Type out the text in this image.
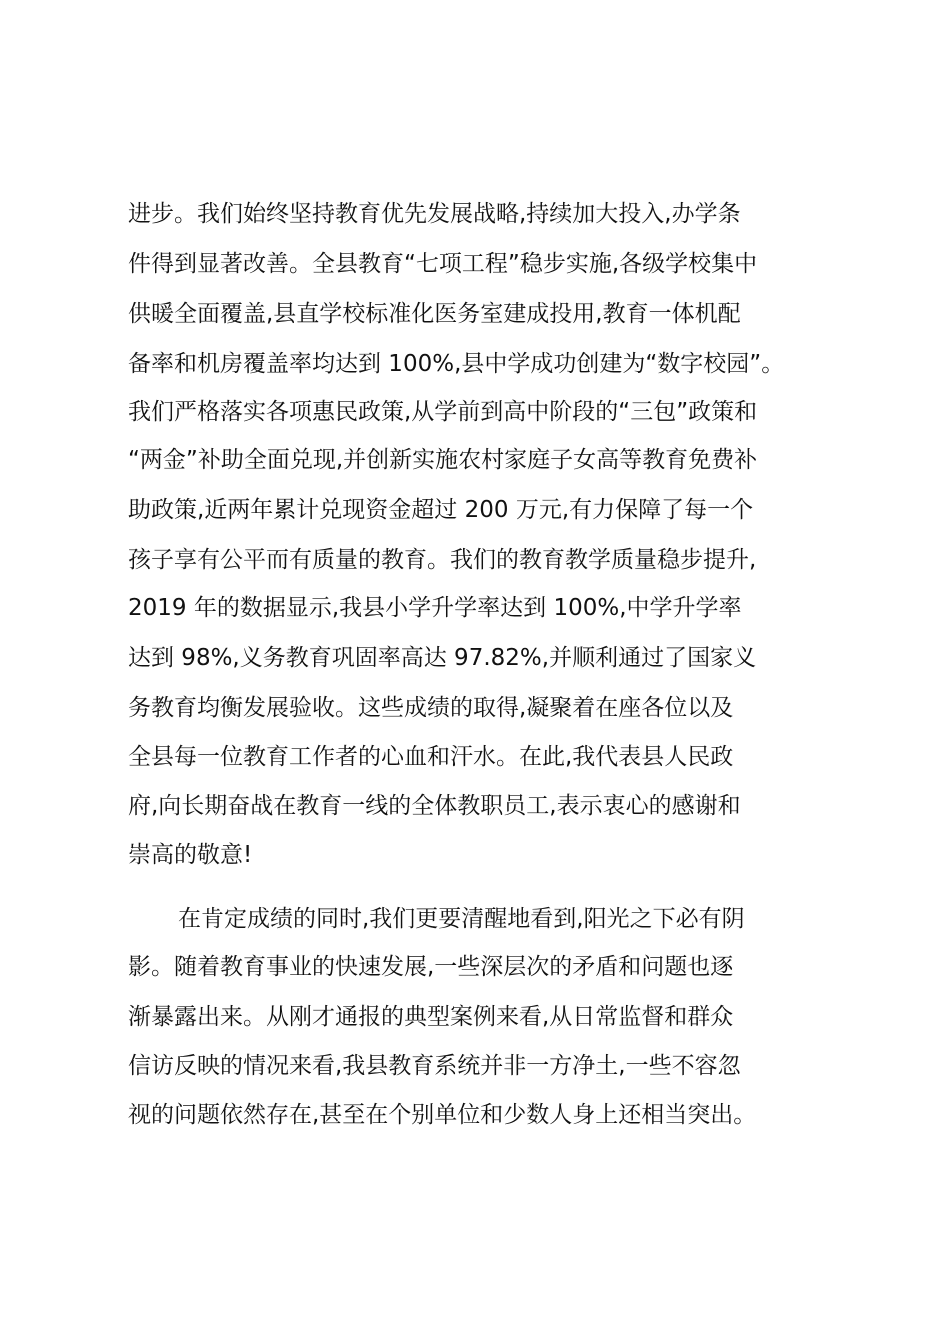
进步。我们始终坚持教育优先发展战略,持续加大投入,办学条
件得到显著改善。全县教育“七项工程”稳步实施,各级学校集中
供暖全面覆盖,县直学校标准化医务室建成投用,教育一体机配
备率和机房覆盖率均达到 100%,县中学成功创建为“数字校园”。
我们严格落实各项惠民政策,从学前到高中阶段的“三包”政策和
“两金”补助全面兑现,并创新实施农村家庭子女高等教育免费补
助政策,近两年累计兑现资金超过 200 万元,有力保障了每一个
孩子享有公平而有质量的教育。我们的教育教学质量稳步提升,
2019 年的数据显示,我县小学升学率达到 100%,中学升学率
达到 98%,义务教育巩固率高达 97.82%,并顺利通过了国家义
务教育均衡发展验收。这些成绩的取得,凝聚着在座各位以及
全县每一位教育工作者的心血和汗水。在此,我代表县人民政
府,向长期奋战在教育一线的全体教职员工,表示衷心的感谢和
崇高的敬意!
在肯定成绩的同时,我们更要清醒地看到,阳光之下必有阴
影。随着教育事业的快速发展,一些深层次的矛盾和问题也逐
渐暴露出来。从刚才通报的典型案例来看,从日常监督和群众
信访反映的情况来看,我县教育系统并非一方净土,一些不容忽
视的问题依然存在,甚至在个别单位和少数人身上还相当突出。
